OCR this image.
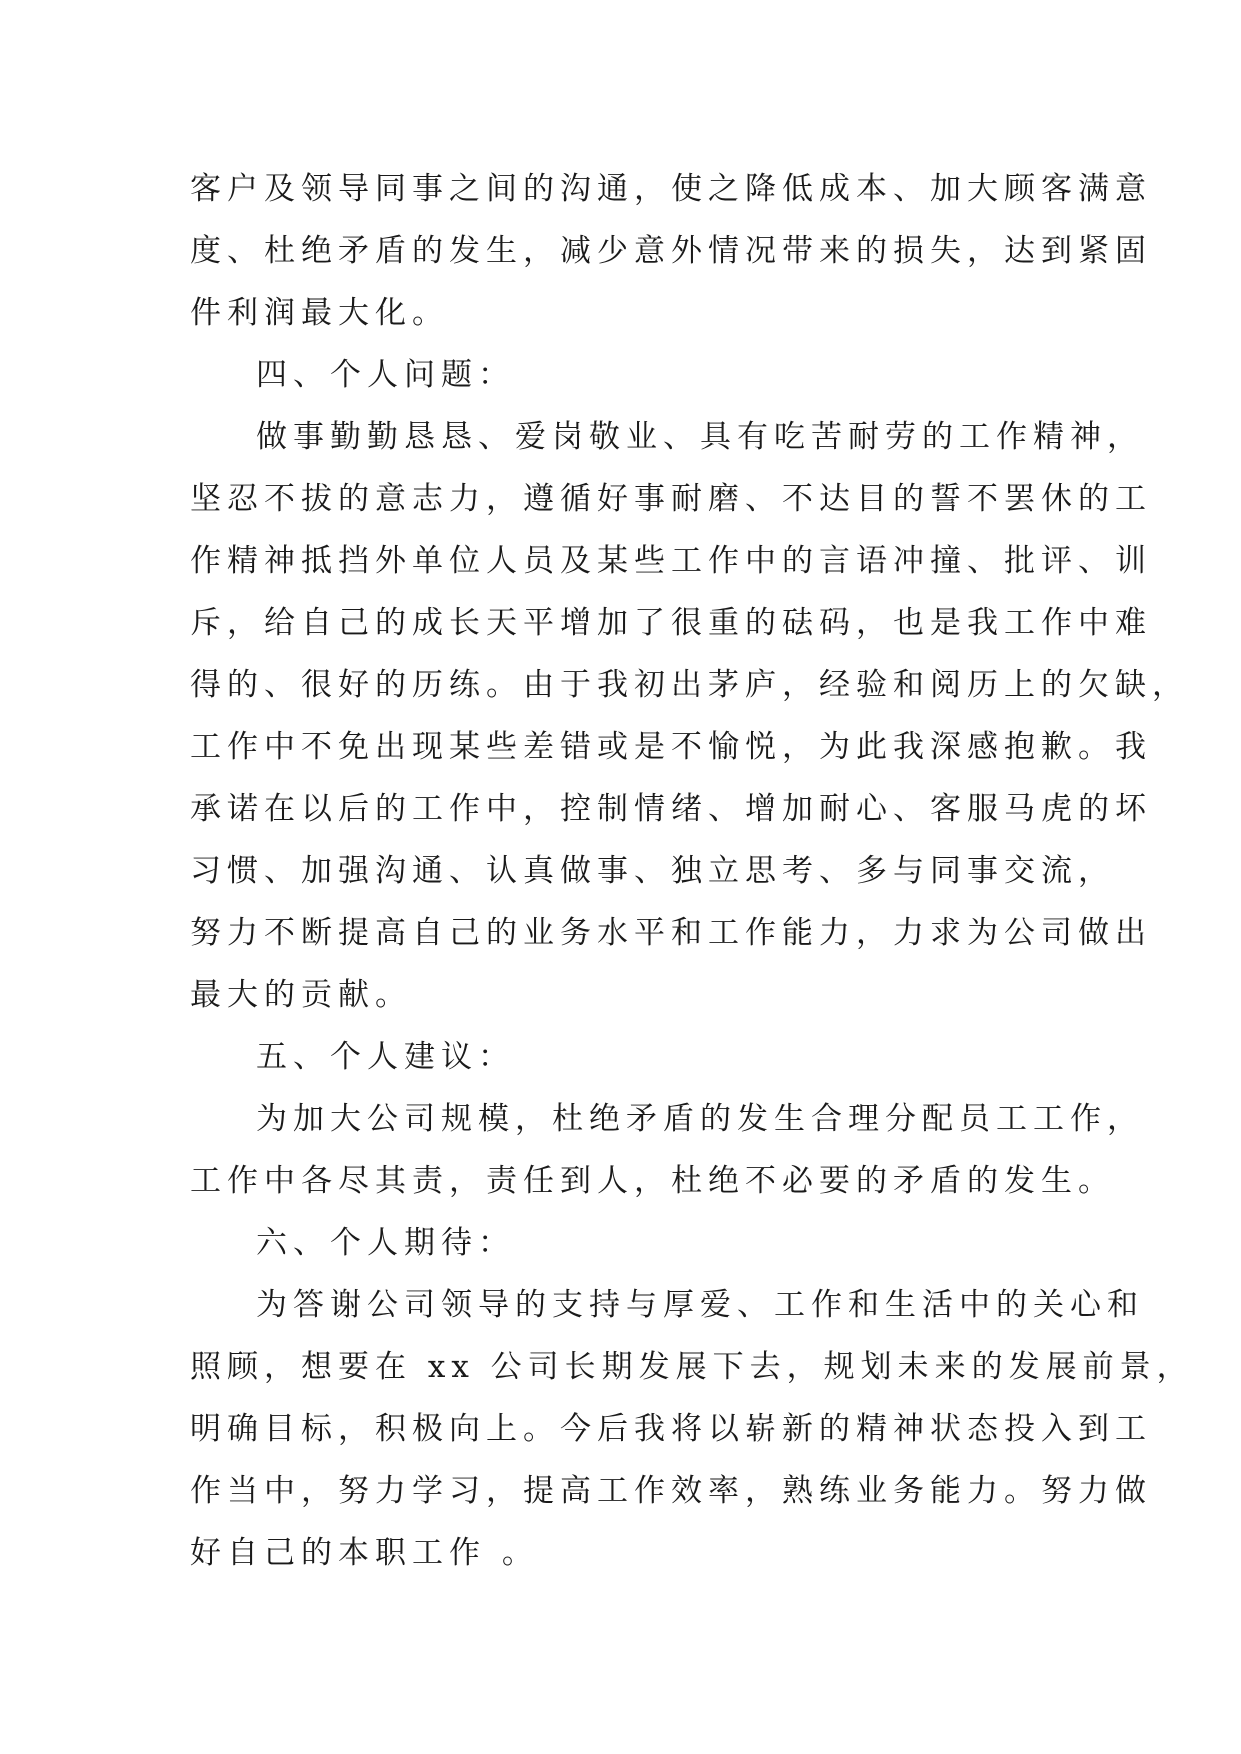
客户及领导同事之间的沟通，使之降低成本、加大顾客满意
度、杜绝矛盾的发生，减少意外情况带来的损失，达到紧固
件利润最大化。
四、个人问题：
做事勤勤恳恳、爱岗敬业、具有吃苦耐劳的工作精神，
坚忍不拔的意志力，遵循好事耐磨、不达目的誓不罢休的工
作精神抵挡外单位人员及某些工作中的言语冲撞、批评、训
斥，给自己的成长天平增加了很重的砝码，也是我工作中难
得的、很好的历练。由于我初出茅庐，经验和阅历上的欠缺，
工作中不免出现某些差错或是不愉悦，为此我深感抱歉。我
承诺在以后的工作中，控制情绪、增加耐心、客服马虎的坏
习惯、加强沟通、认真做事、独立思考、多与同事交流，
努力不断提高自己的业务水平和工作能力，力求为公司做出
最大的贡献。
五、个人建议：
为加大公司规模，杜绝矛盾的发生合理分配员工工作，
工作中各尽其责，责任到人，杜绝不必要的矛盾的发生。
六、个人期待：
为答谢公司领导的支持与厚爱、工作和生活中的关心和
照顾，想要在 xx 公司长期发展下去，规划未来的发展前景，
明确目标，积极向上。今后我将以崭新的精神状态投入到工
作当中，努力学习，提高工作效率，熟练业务能力。努力做
好自己的本职工作 。
